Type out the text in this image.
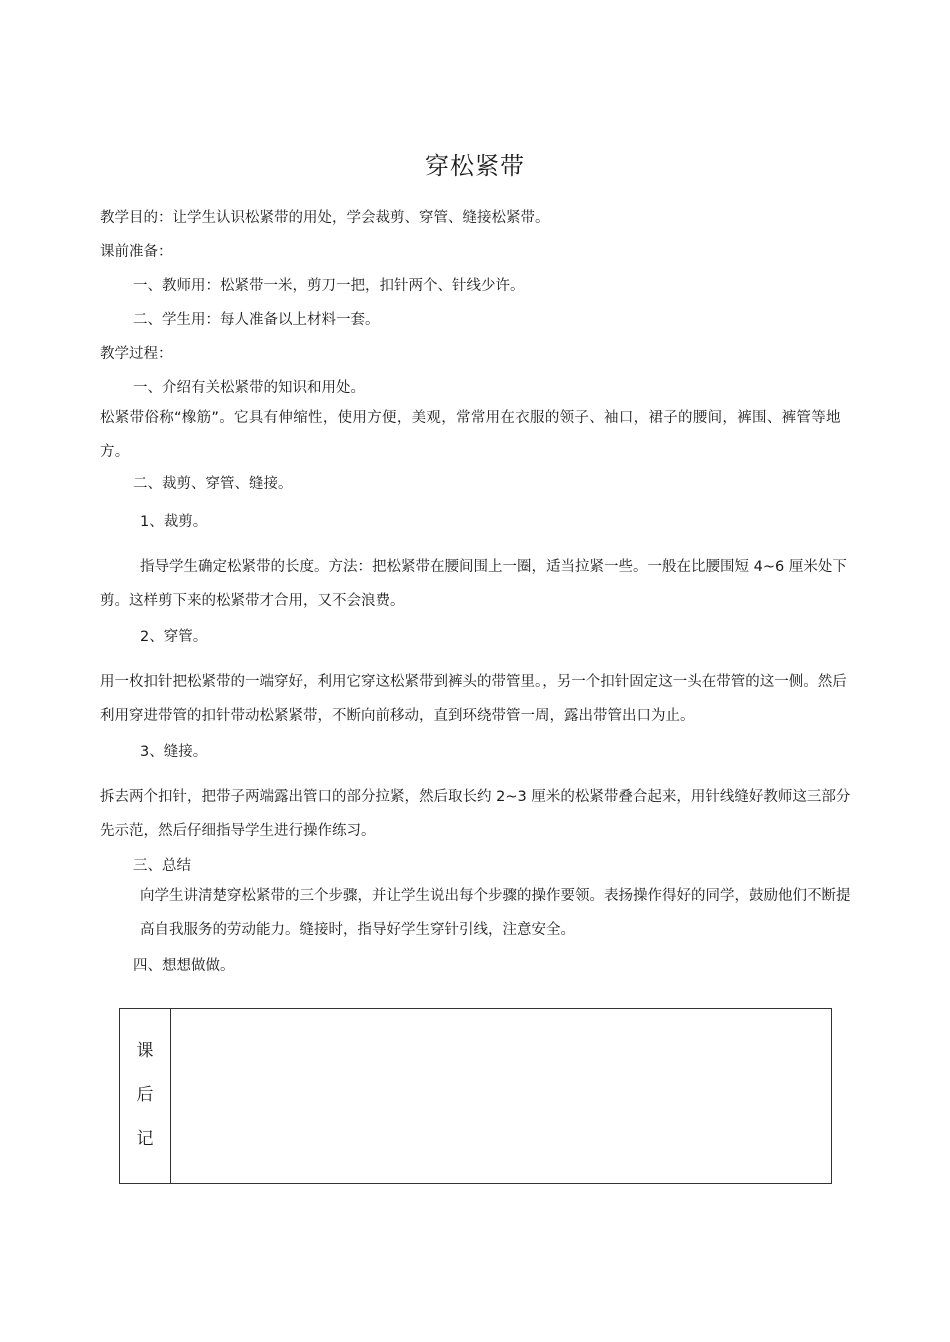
穿松紧带
教学目的：让学生认识松紧带的用处，学会裁剪、穿管、缝接松紧带。
课前准备：
一、教师用：松紧带一米，剪刀一把，扣针两个、针线少许。
二、学生用：每人准备以上材料一套。
教学过程：
一、介绍有关松紧带的知识和用处。
松紧带俗称“橡筋”。它具有伸缩性，使用方便，美观，常常用在衣服的领子、袖口，裙子的腰间，裤围、裤管等地方。
二、裁剪、穿管、缝接。
1、裁剪。
指导学生确定松紧带的长度。方法：把松紧带在腰间围上一圈，适当拉紧一些。一般在比腰围短 4~6 厘米处下剪。这样剪下来的松紧带才合用，又不会浪费。
2、穿管。
用一枚扣针把松紧带的一端穿好，利用它穿这松紧带到裤头的带管里。，另一个扣针固定这一头在带管的这一侧。然后利用穿进带管的扣针带动松紧紧带，不断向前移动，直到环绕带管一周，露出带管出口为止。
3、缝接。
拆去两个扣针，把带子两端露出管口的部分拉紧，然后取长约 2~3 厘米的松紧带叠合起来，用针线缝好教师这三部分先示范，然后仔细指导学生进行操作练习。
三、总结
向学生讲清楚穿松紧带的三个步骤，并让学生说出每个步骤的操作要领。表扬操作得好的同学，鼓励他们不断提高自我服务的劳动能力。缝接时，指导好学生穿针引线，注意安全。
四、想想做做。
课
后
记
